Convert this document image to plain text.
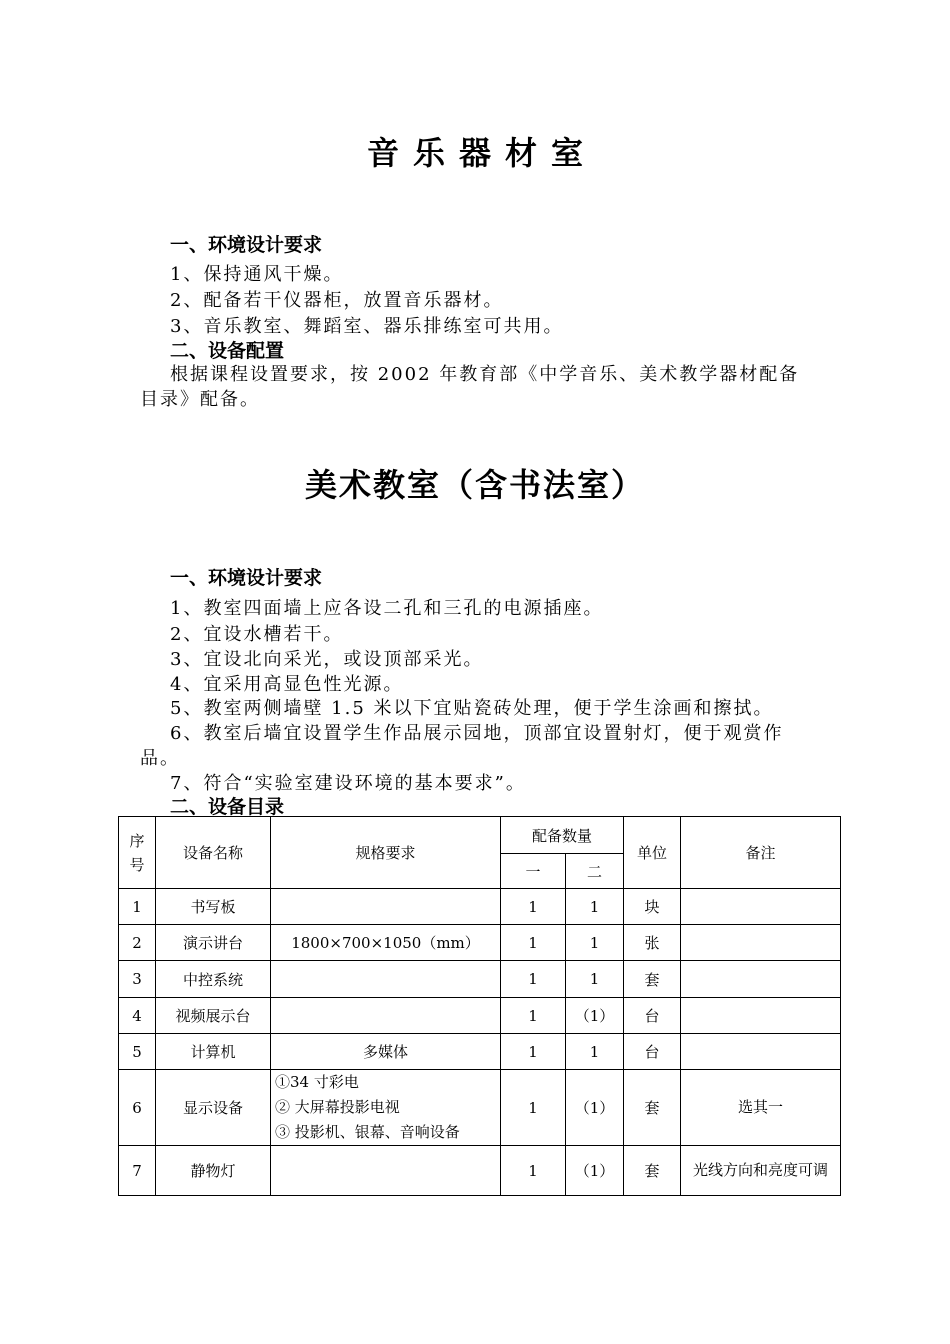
音乐器材室
一、环境设计要求
1、保持通风干燥。
2、配备若干仪器柜，放置音乐器材。
3、音乐教室、舞蹈室、器乐排练室可共用。
二、设备配置
根据课程设置要求，按 2002 年教育部《中学音乐、美术教学器材配备
目录》配备。
美术教室（含书法室）
一、环境设计要求
1、教室四面墙上应各设二孔和三孔的电源插座。
2、宜设水槽若干。
3、宜设北向采光，或设顶部采光。
4、宜采用高显色性光源。
5、教室两侧墙壁 1.5 米以下宜贴瓷砖处理，便于学生涂画和擦拭。
6、教室后墙宜设置学生作品展示园地，顶部宜设置射灯，便于观赏作
品。
7、符合“实验室建设环境的基本要求”。
二、设备目录
序号	设备名称	规格要求	配备数量		单位	备注
			一	二		
1	书写板		1	1	块	
2	演示讲台	1800×700×1050（mm）	1	1	张	
3	中控系统		1	1	套	
4	视频展示台		1	（1）	台	
5	计算机	多媒体	1	1	台	
6	显示设备	①34 寸彩电
② 大屏幕投影电视
③ 投影机、银幕、音响设备	1	（1）	套	选其一
7	静物灯		1	（1）	套	光线方向和亮度可调
